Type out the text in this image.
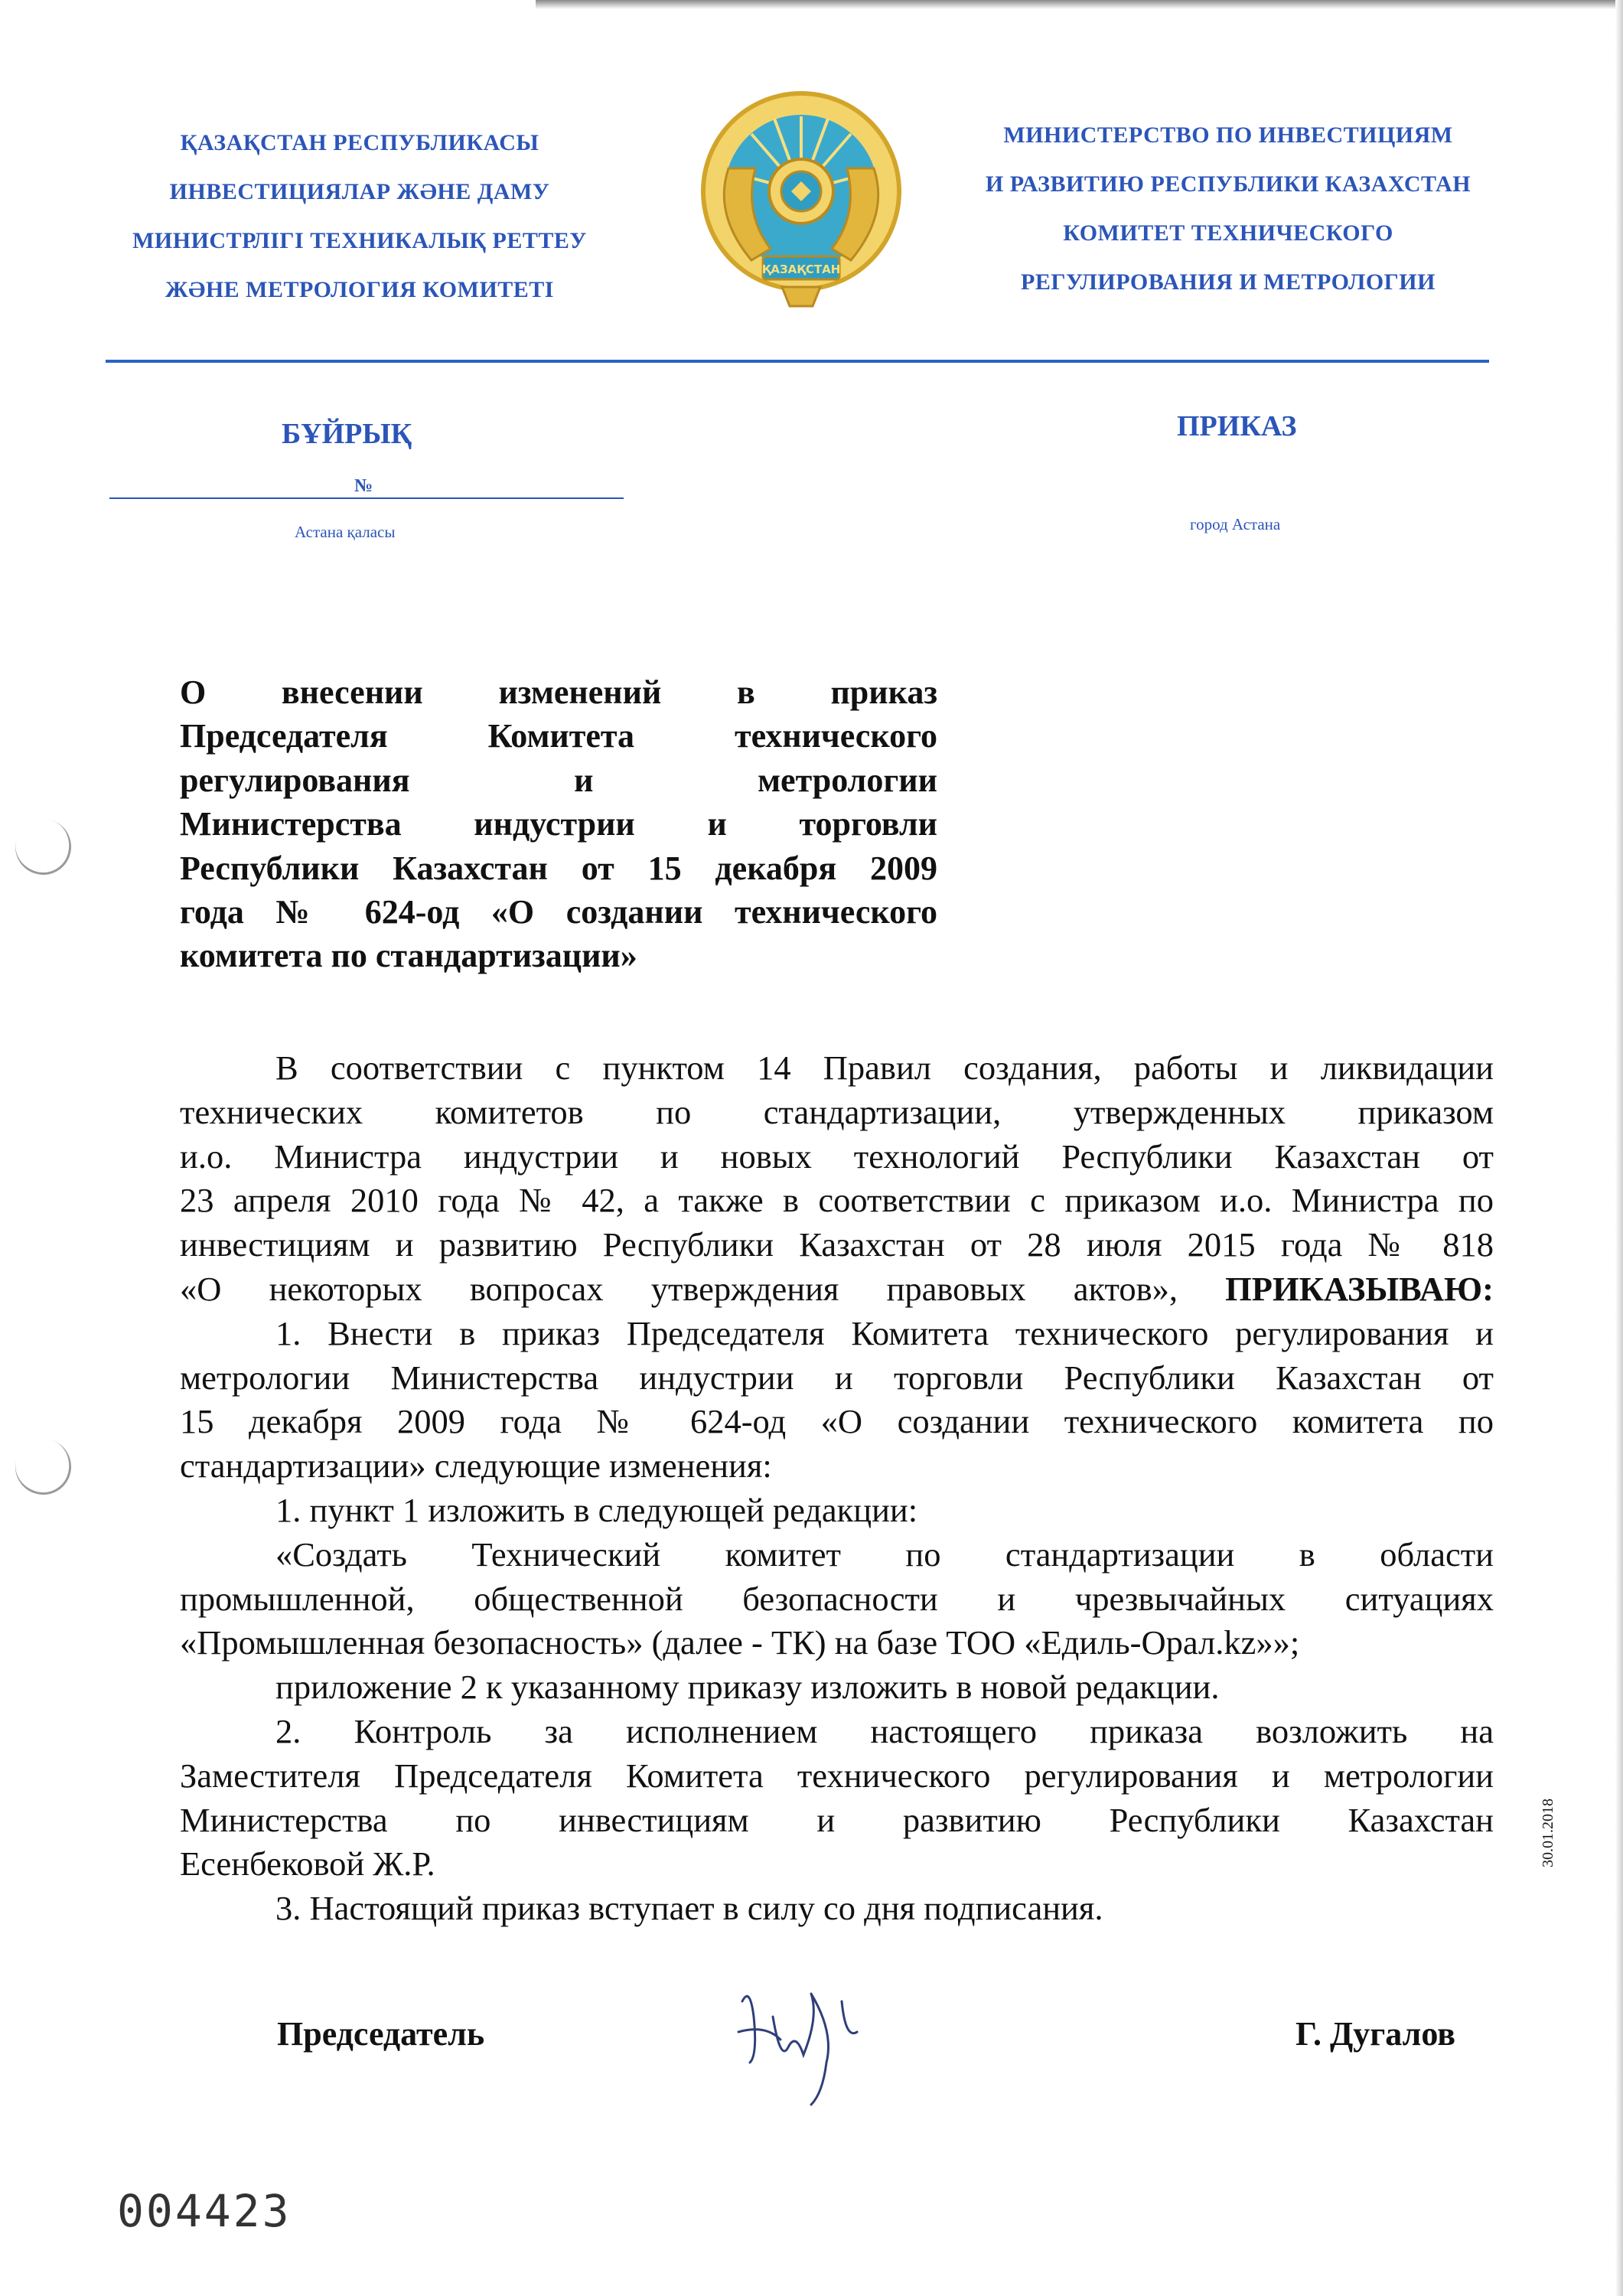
ҚАЗАҚСТАН РЕСПУБЛИКАСЫ
ИНВЕСТИЦИЯЛАР ЖӘНЕ ДАМУ
МИНИСТРЛІГІ ТЕХНИКАЛЫҚ РЕТТЕУ
ЖӘНЕ МЕТРОЛОГИЯ КОМИТЕТІ
ҚАЗАҚСТАН
МИНИСТЕРСТВО ПО ИНВЕСТИЦИЯМ
И РАЗВИТИЮ РЕСПУБЛИКИ КАЗАХСТАН
КОМИТЕТ ТЕХНИЧЕСКОГО
РЕГУЛИРОВАНИЯ И МЕТРОЛОГИИ
БҰЙРЫҚ	ПРИКАЗ
№
Астана қаласы	город Астана
О внесении изменений в приказ
Председателя Комитета технического
регулирования и метрологии
Министерства индустрии и торговли
Республики Казахстан от 15 декабря 2009
года № 624-од «О создании технического
комитета по стандартизации»
В соответствии с пунктом 14 Правил создания, работы и ликвидации
технических комитетов по стандартизации, утвержденных приказом
и.о. Министра индустрии и новых технологий Республики Казахстан от
23 апреля 2010 года № 42, а также в соответствии с приказом и.о. Министра по
инвестициям и развитию Республики Казахстан от 28 июля 2015 года № 818
«О некоторых вопросах утверждения правовых актов», ПРИКАЗЫВАЮ:
1. Внести в приказ Председателя Комитета технического регулирования и
метрологии Министерства индустрии и торговли Республики Казахстан от
15 декабря 2009 года № 624-од «О создании технического комитета по
стандартизации» следующие изменения:
1. пункт 1 изложить в следующей редакции:
«Создать Технический комитет по стандартизации в области
промышленной, общественной безопасности и чрезвычайных ситуациях
«Промышленная безопасность» (далее - ТК) на базе ТОО «Едиль-Орал.kz»»;
приложение 2 к указанному приказу изложить в новой редакции.
2. Контроль за исполнением настоящего приказа возложить на
Заместителя Председателя Комитета технического регулирования и метрологии
Министерства по инвестициям и развитию Республики Казахстан
Есенбековой Ж.Р.
3. Настоящий приказ вступает в силу со дня подписания.
Председатель	Г. Дугалов
004423
30.01.2018
